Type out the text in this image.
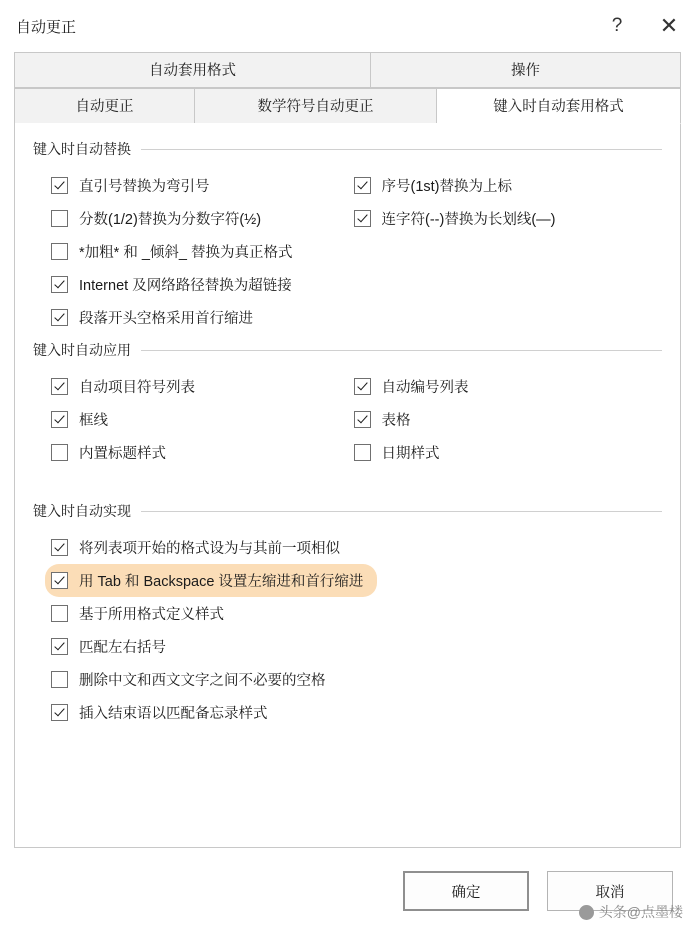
自动更正	?	✕
自动套用格式	操作
自动更正	数学符号自动更正	键入时自动套用格式
键入时自动替换
直引号替换为弯引号
分数(1/2)替换为分数字符(½)
*加粗* 和 _倾斜_ 替换为真正格式
Internet 及网络路径替换为超链接
段落开头空格采用首行缩进
序号(1st)替换为上标
连字符(--)替换为长划线(—)
键入时自动应用
自动项目符号列表
框线
内置标题样式
自动编号列表
表格
日期样式
键入时自动实现
将列表项开始的格式设为与其前一项相似
用 Tab 和 Backspace 设置左缩进和首行缩进
基于所用格式定义样式
匹配左右括号
删除中文和西文文字之间不必要的空格
插入结束语以匹配备忘录样式
确定	取消
头条@点墨楼
